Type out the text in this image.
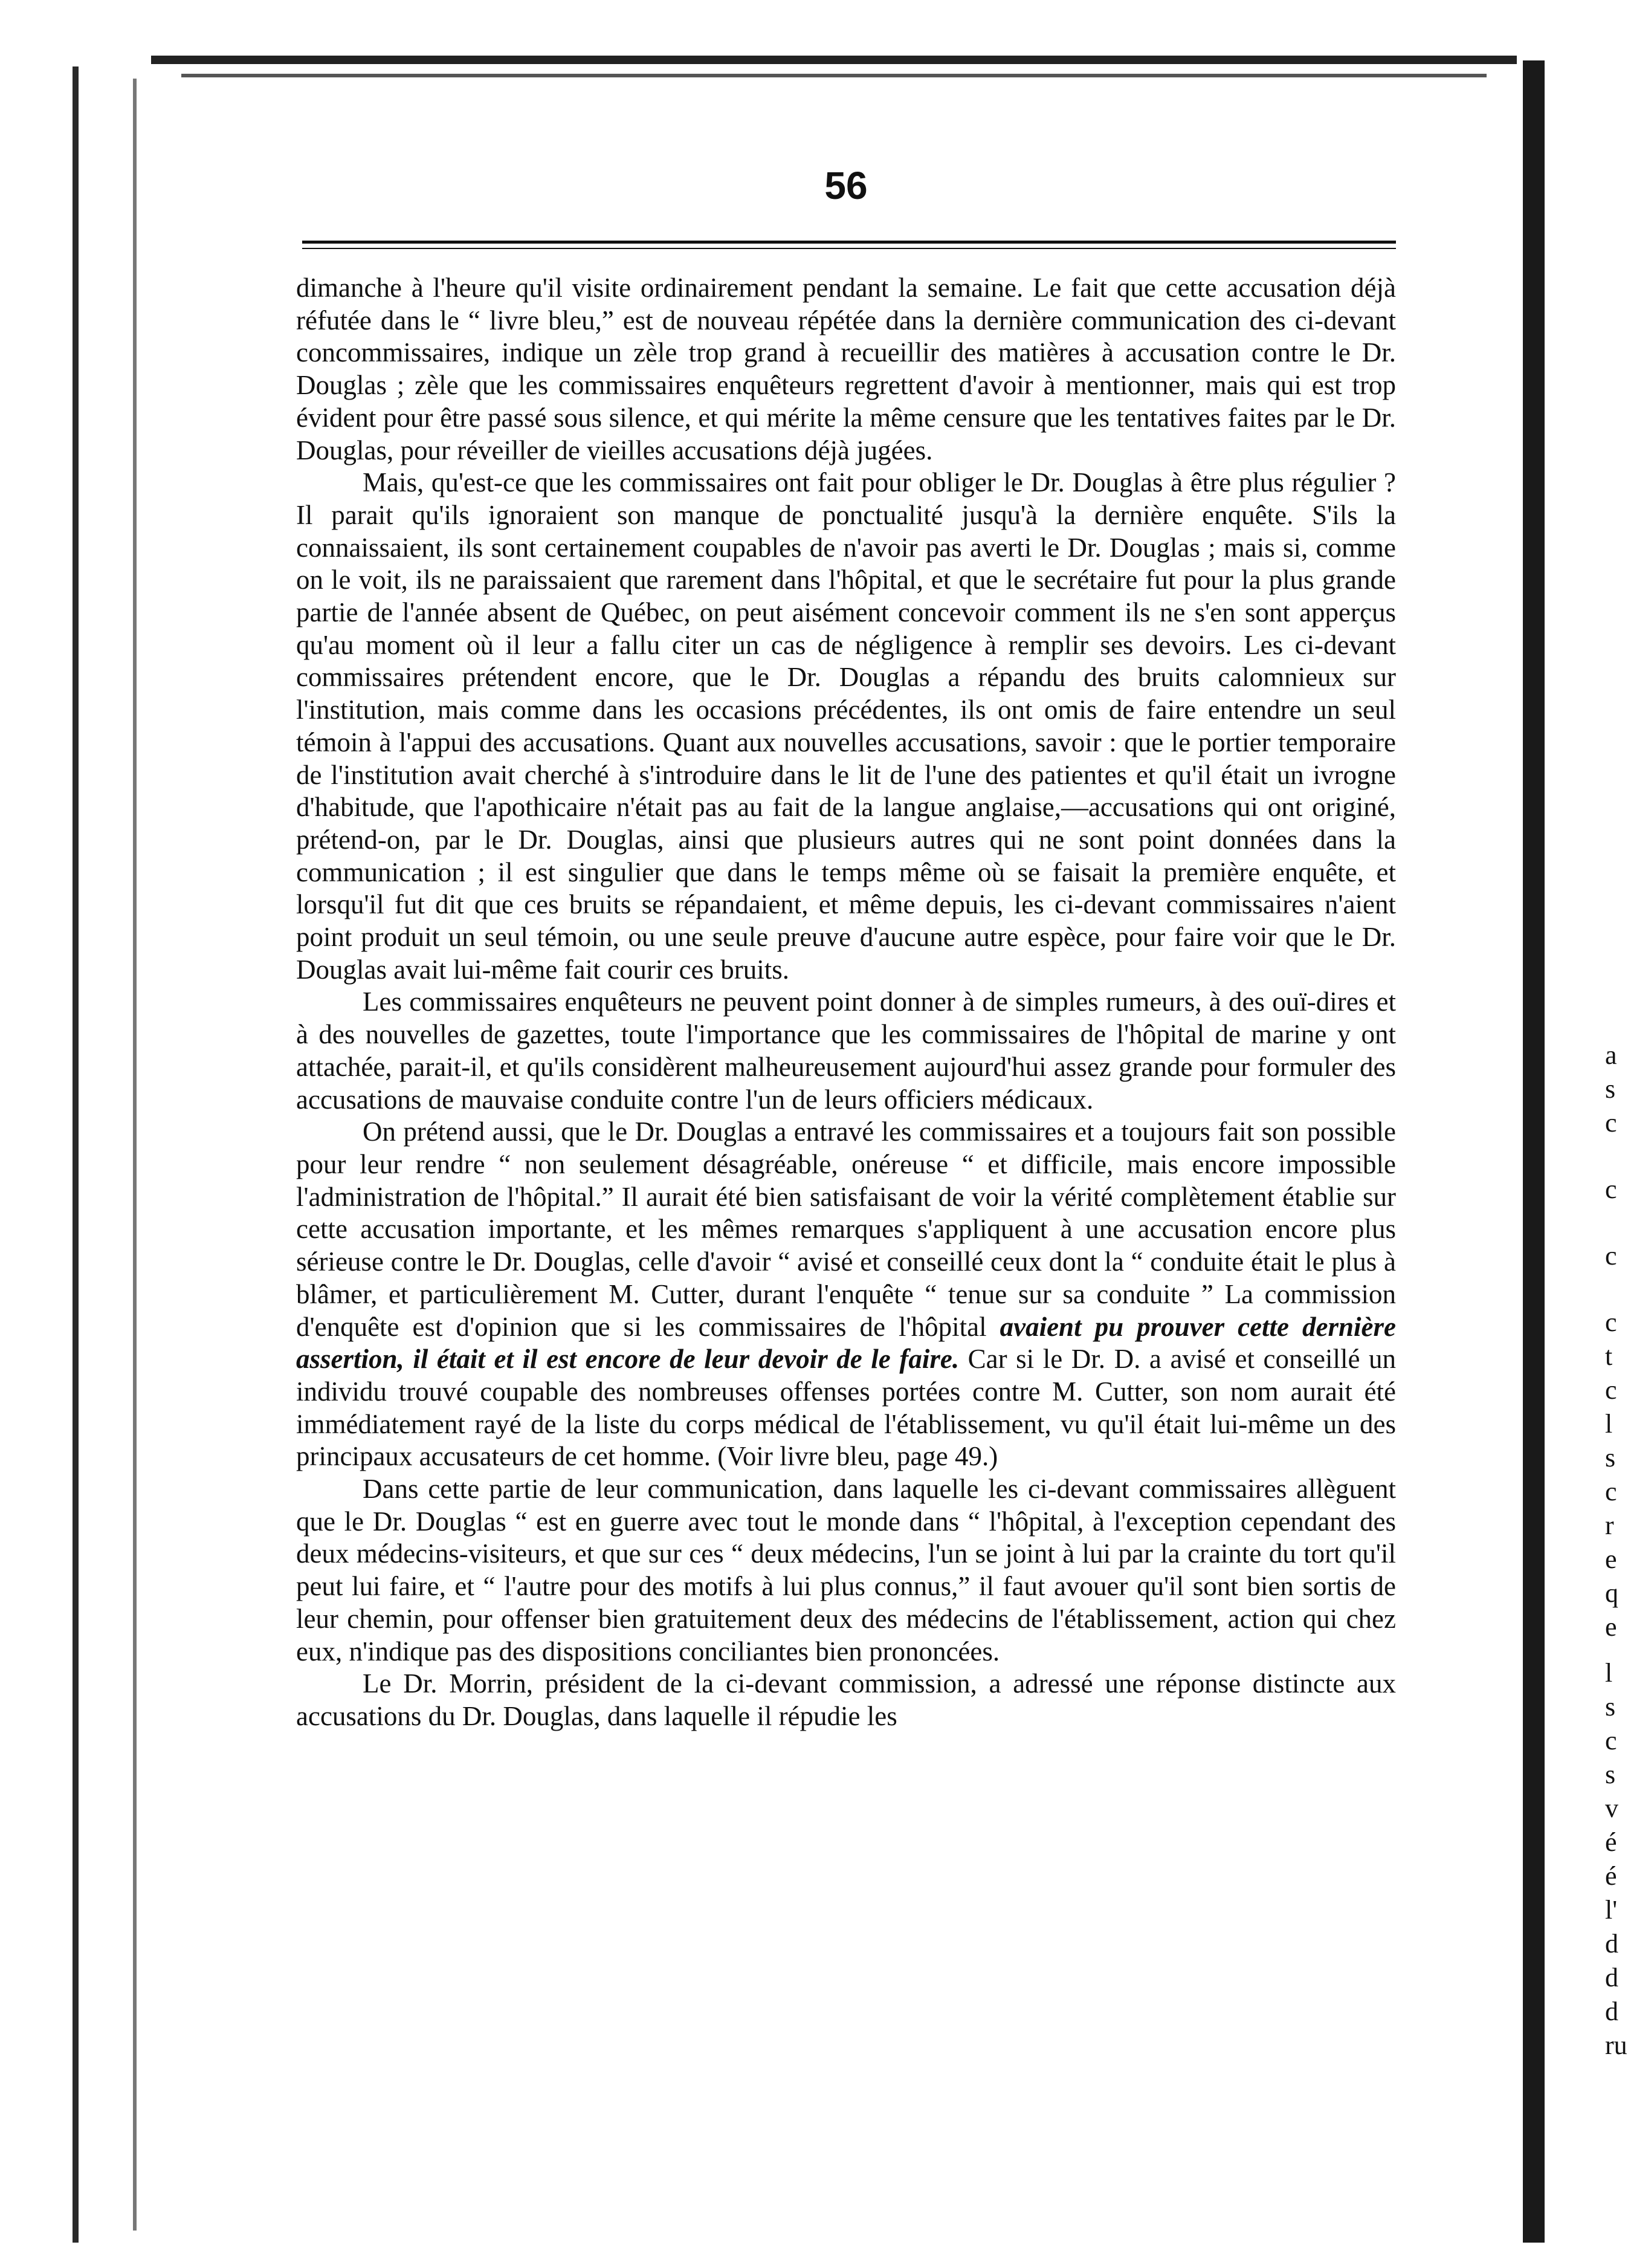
56

dimanche à l'heure qu'il visite ordinairement pendant la semaine. Le fait que cette accusation déjà réfutée dans le “ livre bleu,” est de nouveau répétée dans la dernière communication des ci-devant concommissaires, indique un zèle trop grand à recueillir des matières à accusation contre le Dr. Douglas ; zèle que les commissaires enquêteurs regrettent d'avoir à mentionner, mais qui est trop évident pour être passé sous silence, et qui mérite la même censure que les tentatives faites par le Dr. Douglas, pour réveiller de vieilles accusations déjà jugées.

Mais, qu'est-ce que les commissaires ont fait pour obliger le Dr. Douglas à être plus régulier ? Il parait qu'ils ignoraient son manque de ponctualité jusqu'à la dernière enquête. S'ils la connaissaient, ils sont certainement coupables de n'avoir pas averti le Dr. Douglas ; mais si, comme on le voit, ils ne paraissaient que rarement dans l'hôpital, et que le secrétaire fut pour la plus grande partie de l'année absent de Québec, on peut aisément concevoir comment ils ne s'en sont apperçus qu'au moment où il leur a fallu citer un cas de négligence à remplir ses devoirs. Les ci-devant commissaires prétendent encore, que le Dr. Douglas a répandu des bruits calomnieux sur l'institution, mais comme dans les occasions précédentes, ils ont omis de faire entendre un seul témoin à l'appui des accusations. Quant aux nouvelles accusations, savoir : que le portier temporaire de l'institution avait cherché à s'introduire dans le lit de l'une des patientes et qu'il était un ivrogne d'habitude, que l'apothicaire n'était pas au fait de la langue anglaise,—accusations qui ont originé, prétend-on, par le Dr. Douglas, ainsi que plusieurs autres qui ne sont point données dans la communication ; il est singulier que dans le temps même où se faisait la première enquête, et lorsqu'il fut dit que ces bruits se répandaient, et même depuis, les ci-devant commissaires n'aient point produit un seul témoin, ou une seule preuve d'aucune autre espèce, pour faire voir que le Dr. Douglas avait lui-même fait courir ces bruits.

Les commissaires enquêteurs ne peuvent point donner à de simples rumeurs, à des ouï-dires et à des nouvelles de gazettes, toute l'importance que les commissaires de l'hôpital de marine y ont attachée, parait-il, et qu'ils considèrent malheureusement aujourd'hui assez grande pour formuler des accusations de mauvaise conduite contre l'un de leurs officiers médicaux.

On prétend aussi, que le Dr. Douglas a entravé les commissaires et a toujours fait son possible pour leur rendre “ non seulement désagréable, onéreuse “ et difficile, mais encore impossible l'administration de l'hôpital.” Il aurait été bien satisfaisant de voir la vérité complètement établie sur cette accusation importante, et les mêmes remarques s'appliquent à une accusation encore plus sérieuse contre le Dr. Douglas, celle d'avoir “ avisé et conseillé ceux dont la “ conduite était le plus à blâmer, et particulièrement M. Cutter, durant l'enquête “ tenue sur sa conduite ” La commission d'enquête est d'opinion que si les commissaires de l'hôpital avaient pu prouver cette dernière assertion, il était et il est encore de leur devoir de le faire. Car si le Dr. D. a avisé et conseillé un individu trouvé coupable des nombreuses offenses portées contre M. Cutter, son nom aurait été immédiatement rayé de la liste du corps médical de l'établissement, vu qu'il était lui-même un des principaux accusateurs de cet homme. (Voir livre bleu, page 49.)

Dans cette partie de leur communication, dans laquelle les ci-devant commissaires allèguent que le Dr. Douglas “ est en guerre avec tout le monde dans “ l'hôpital, à l'exception cependant des deux médecins-visiteurs, et que sur ces “ deux médecins, l'un se joint à lui par la crainte du tort qu'il peut lui faire, et “ l'autre pour des motifs à lui plus connus,” il faut avouer qu'il sont bien sortis de leur chemin, pour offenser bien gratuitement deux des médecins de l'établissement, action qui chez eux, n'indique pas des dispositions conciliantes bien prononcées.

Le Dr. Morrin, président de la ci-devant commission, a adressé une réponse distincte aux accusations du Dr. Douglas, dans laquelle il répudie les

a
s
c
c
c
c
t
c
l
s
c
r
e
q
e
l
s
c
s
v
é
é
l'
d
d
d
ru
